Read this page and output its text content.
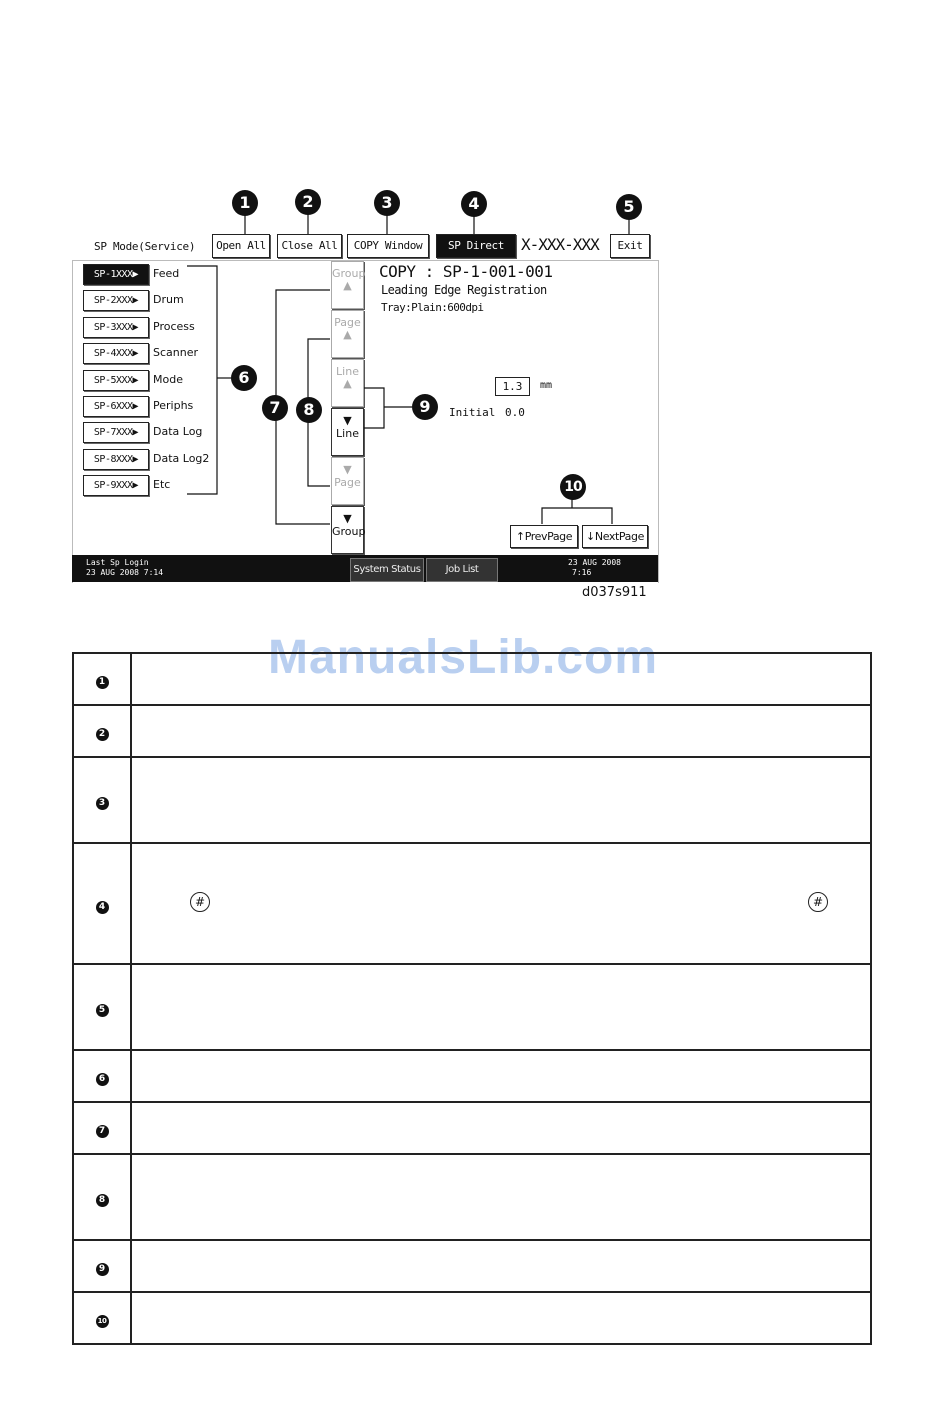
SP Mode(Service)	Open All	Close All	COPY Window	SP Direct	X-XXX-XXX	Exit
SP-1XXX▶	Feed
SP-2XXX▶	Drum
SP-3XXX▶	Process
SP-4XXX▶	Scanner
SP-5XXX▶	Mode
SP-6XXX▶	Periphs
SP-7XXX▶	Data Log
SP-8XXX▶	Data Log2
SP-9XXX▶	Etc
Group
▲
Page
▲
Line
▲
▼
Line
▼
Page
▼
Group
COPY : SP-1-001-001
Leading Edge Registration
Tray:Plain:600dpi
1.3	mm
Initial 0.0
↑PrevPage	↓NextPage
Last Sp Login
23 AUG 2008 7:14	System Status	Job List
23 AUG 2008
7:16
d037s911
1	2	3	4	5
6
7	8	9
10
ManualsLib.com
1	
2	
3	
4	# #

5	
6	
7	
8	
9	
10	
